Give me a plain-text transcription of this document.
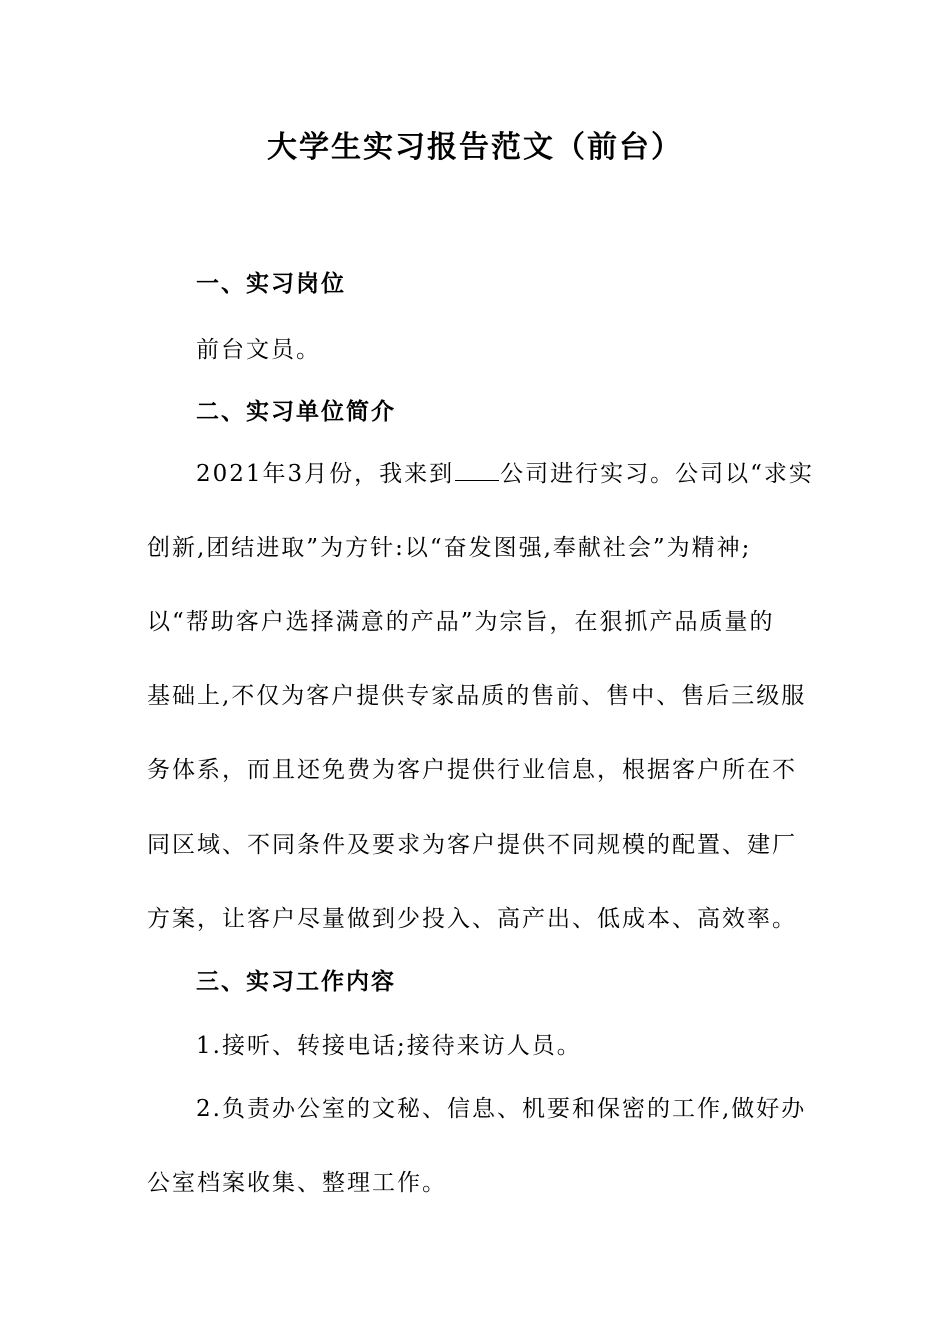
大学生实习报告范文（前台）
一、实习岗位
前台文员。
二、实习单位简介
2021年3月份，我来到 公司进行实习。公司以“求实
创新,团结进取”为方针:以“奋发图强,奉献社会”为精神;
以“帮助客户选择满意的产品”为宗旨，在狠抓产品质量的
基础上,不仅为客户提供专家品质的售前、售中、售后三级服
务体系，而且还免费为客户提供行业信息，根据客户所在不
同区域、不同条件及要求为客户提供不同规模的配置、建厂
方案，让客户尽量做到少投入、高产出、低成本、高效率。
三、实习工作内容
1.接听、转接电话;接待来访人员。
2.负责办公室的文秘、信息、机要和保密的工作,做好办
公室档案收集、整理工作。
